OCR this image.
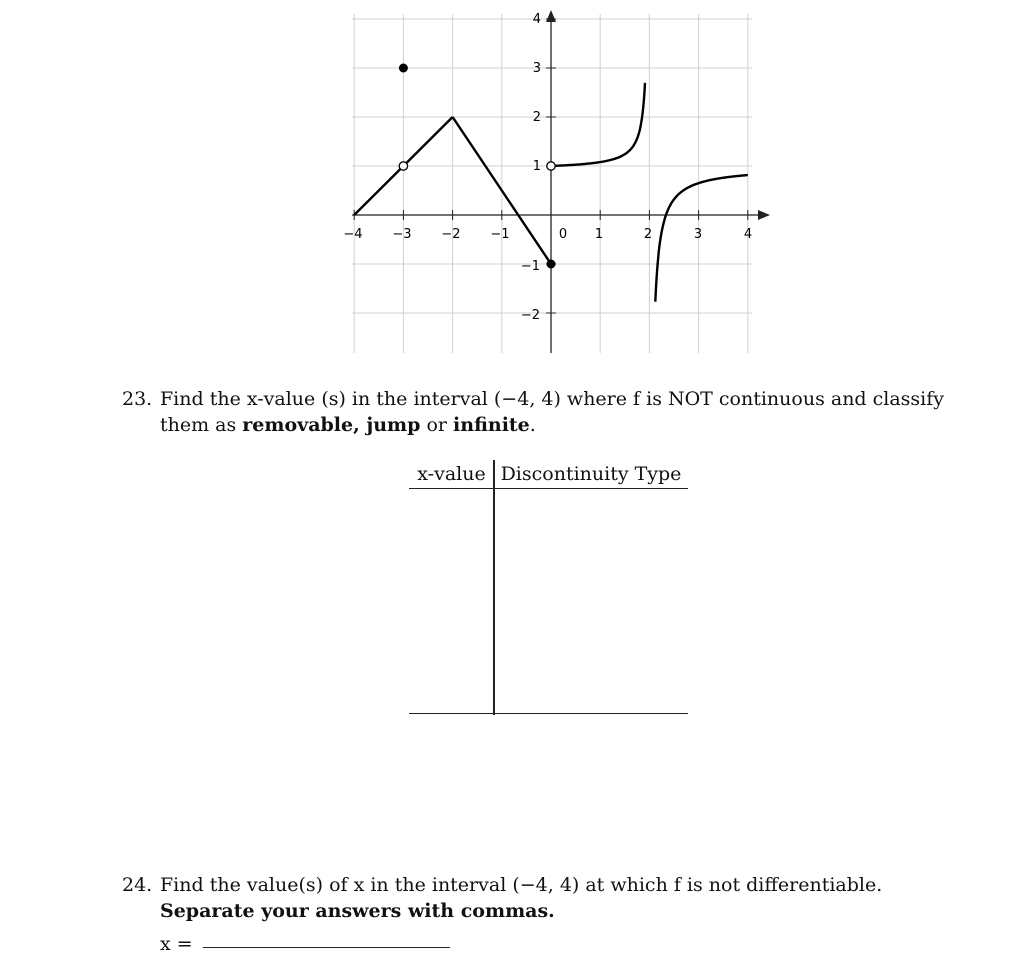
−4 −3 −2 −1	0 1	2	3	4
4
3
2
1
−1
−2
23. Find the x-value (s) in the interval (−4, 4) where f is NOT continuous and classify them as removable, jump or infinite.
x-value Discontinuity Type
24. Find the value(s) of x in the interval (−4, 4) at which f is not differentiable. Separate your answers with commas.
x =
